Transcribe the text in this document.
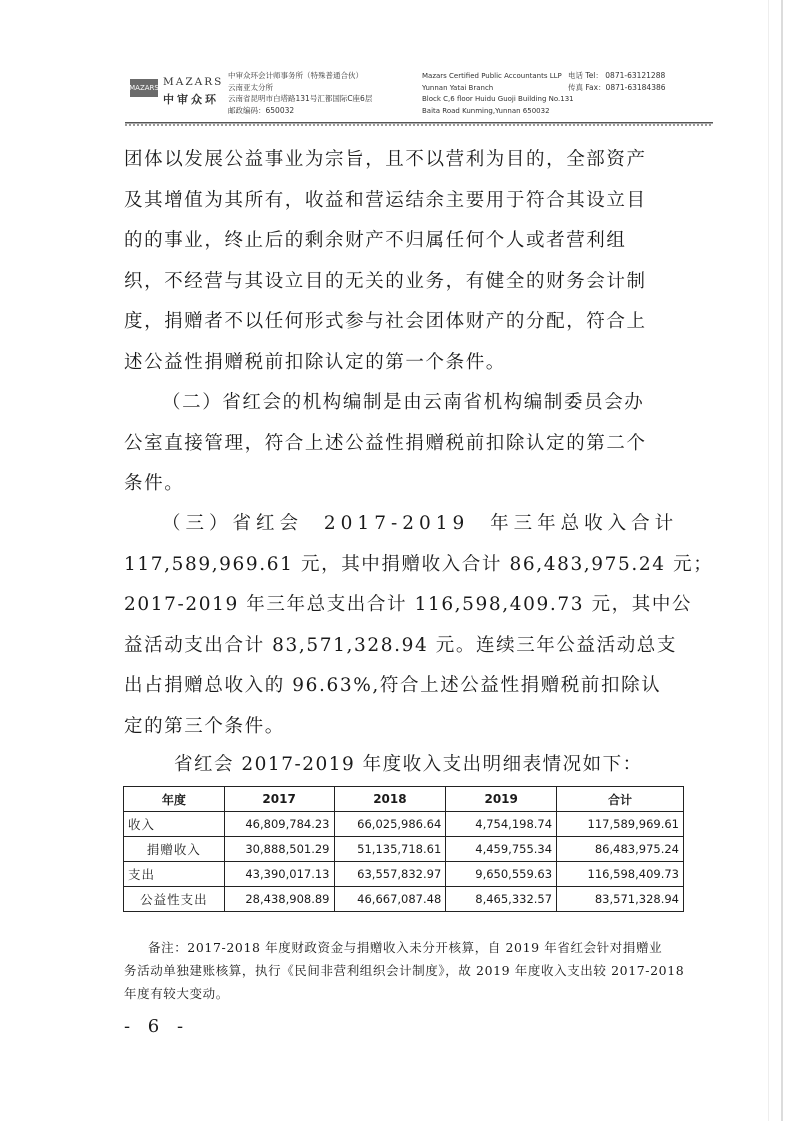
MAZARS MAZARS
中审众环
中审众环会计师事务所（特殊普通合伙）
云南亚太分所
云南省昆明市白塔路131号汇都国际C座6层
邮政编码：650032
Mazars Certified Public Accountants LLP
Yunnan Yatai Branch
Block C,6 floor Huidu Guoji Building No.131
Baita Road Kunming,Yunnan 650032
电话 Tel： 0871-63121288
传真 Fax：0871-63184386
团体以发展公益事业为宗旨，且不以营利为目的，全部资产
及其增值为其所有，收益和营运结余主要用于符合其设立目
的的事业，终止后的剩余财产不归属任何个人或者营利组
织，不经营与其设立目的无关的业务，有健全的财务会计制
度，捐赠者不以任何形式参与社会团体财产的分配，符合上
述公益性捐赠税前扣除认定的第一个条件。
（二）省红会的机构编制是由云南省机构编制委员会办
公室直接管理，符合上述公益性捐赠税前扣除认定的第二个
条件。
（三）省红会 2017-2019 年三年总收入合计
117,589,969.61 元，其中捐赠收入合计 86,483,975.24 元；
2017-2019 年三年总支出合计 116,598,409.73 元，其中公
益活动支出合计 83,571,328.94 元。连续三年公益活动总支
出占捐赠总收入的 96.63%,符合上述公益性捐赠税前扣除认
定的第三个条件。
省红会 2017-2019 年度收入支出明细表情况如下：
年度	2017	2018	2019	合计
收入	46,809,784.23	66,025,986.64	4,754,198.74	117,589,969.61
捐赠收入	30,888,501.29	51,135,718.61	4,459,755.34	86,483,975.24
支出	43,390,017.13	63,557,832.97	9,650,559.63	116,598,409.73
公益性支出	28,438,908.89	46,667,087.48	8,465,332.57	83,571,328.94
备注：2017-2018 年度财政资金与捐赠收入未分开核算，自 2019 年省红会针对捐赠业
务活动单独建账核算，执行《民间非营利组织会计制度》，故 2019 年度收入支出较 2017-2018
年度有较大变动。
- 6 -
